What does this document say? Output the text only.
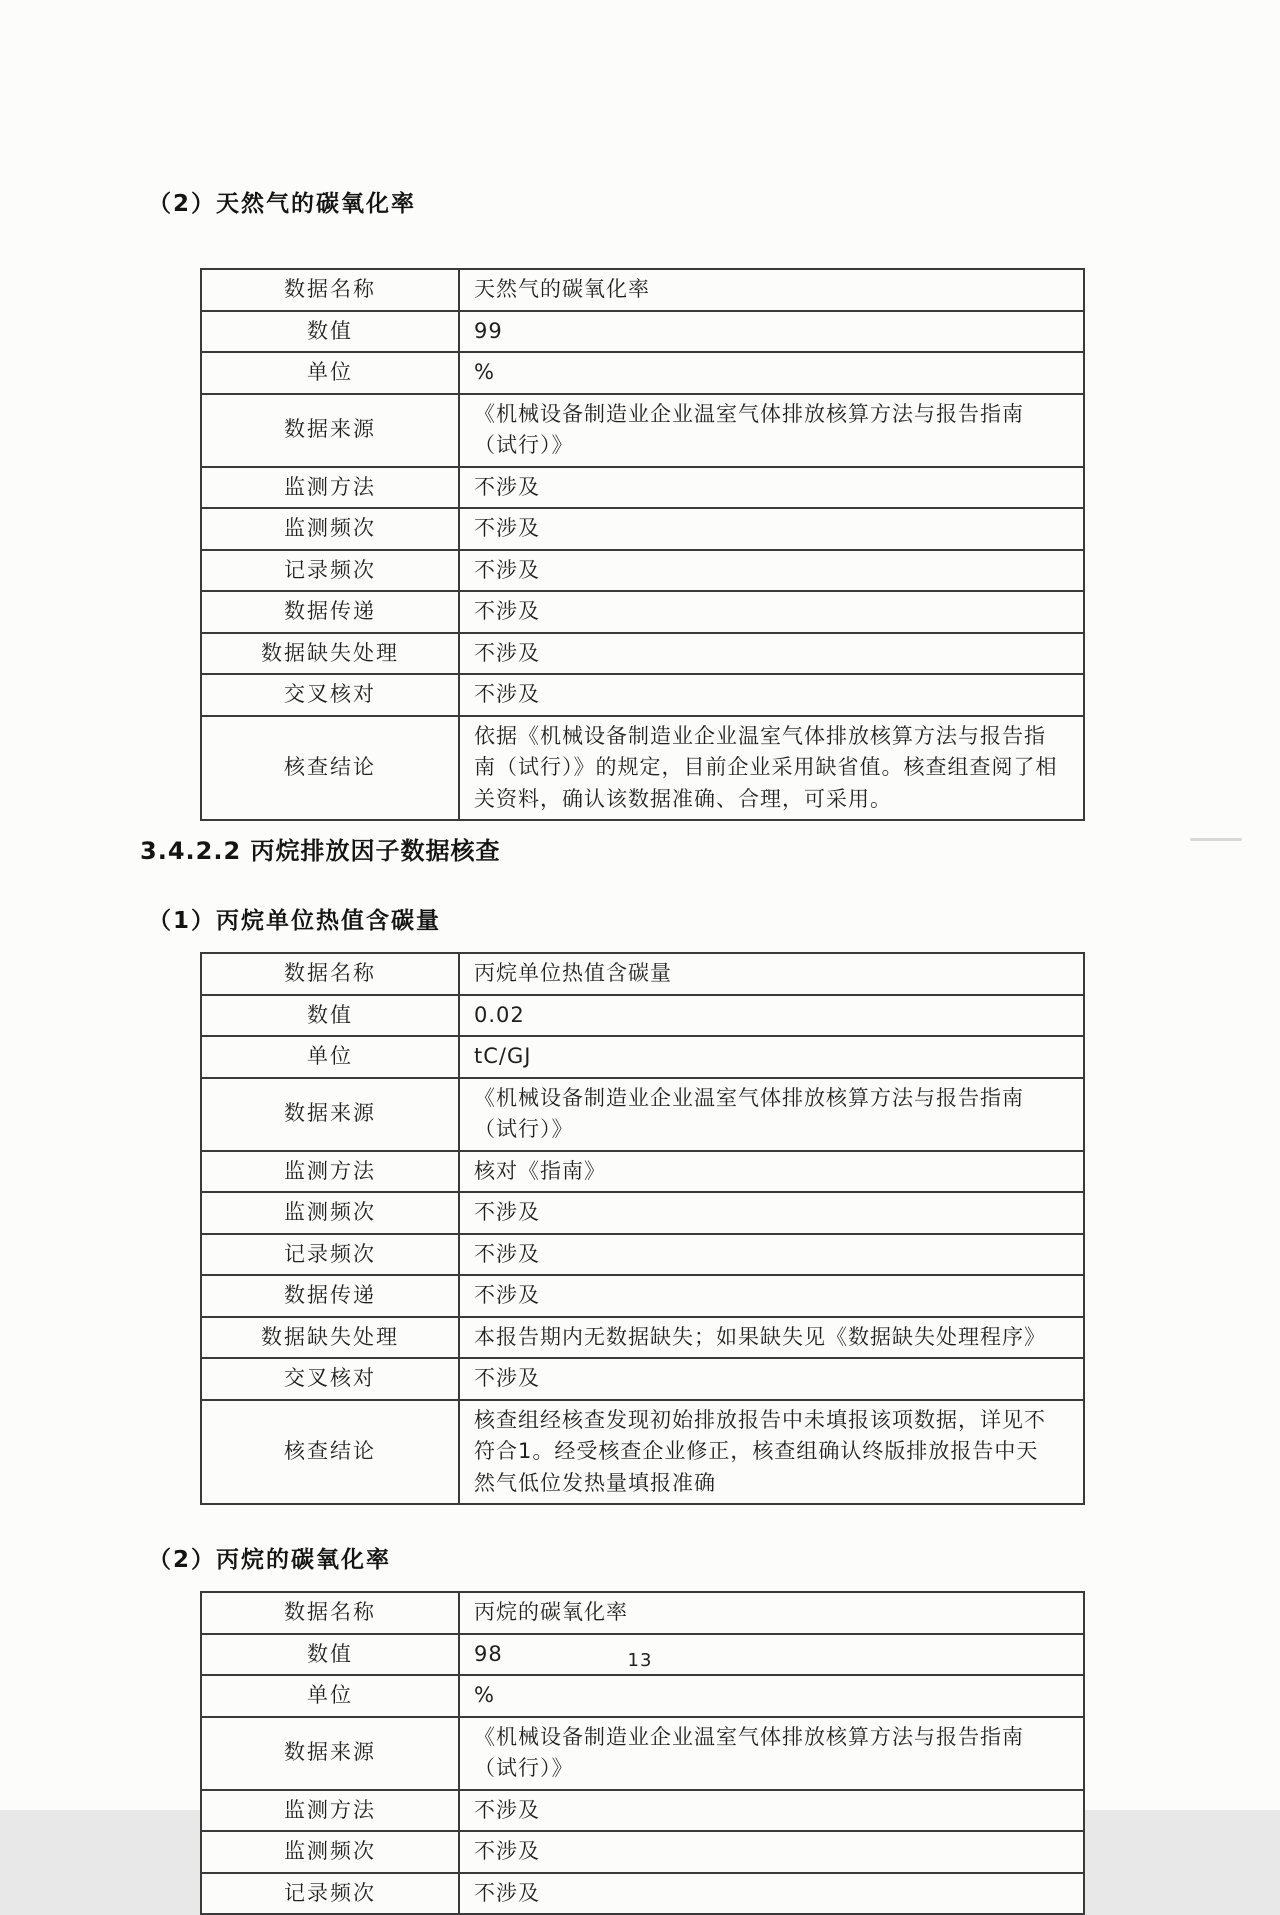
（2）天然气的碳氧化率
数据名称	天然气的碳氧化率
数值	99
单位	%
数据来源	《机械设备制造业企业温室气体排放核算方法与报告指南（试行）》
监测方法	不涉及
监测频次	不涉及
记录频次	不涉及
数据传递	不涉及
数据缺失处理	不涉及
交叉核对	不涉及
核查结论	依据《机械设备制造业企业温室气体排放核算方法与报告指南（试行）》的规定，目前企业采用缺省值。核查组查阅了相关资料，确认该数据准确、合理，可采用。
3.4.2.2 丙烷排放因子数据核查
（1）丙烷单位热值含碳量
数据名称	丙烷单位热值含碳量
数值	0.02
单位	tC/GJ
数据来源	《机械设备制造业企业温室气体排放核算方法与报告指南（试行）》
监测方法	核对《指南》
监测频次	不涉及
记录频次	不涉及
数据传递	不涉及
数据缺失处理	本报告期内无数据缺失；如果缺失见《数据缺失处理程序》
交叉核对	不涉及
核查结论	核查组经核查发现初始排放报告中未填报该项数据，详见不符合1。经受核查企业修正，核查组确认终版排放报告中天然气低位发热量填报准确
（2）丙烷的碳氧化率
数据名称	丙烷的碳氧化率
数值	98
单位	%
数据来源	《机械设备制造业企业温室气体排放核算方法与报告指南（试行）》
监测方法	不涉及
监测频次	不涉及
记录频次	不涉及
13
